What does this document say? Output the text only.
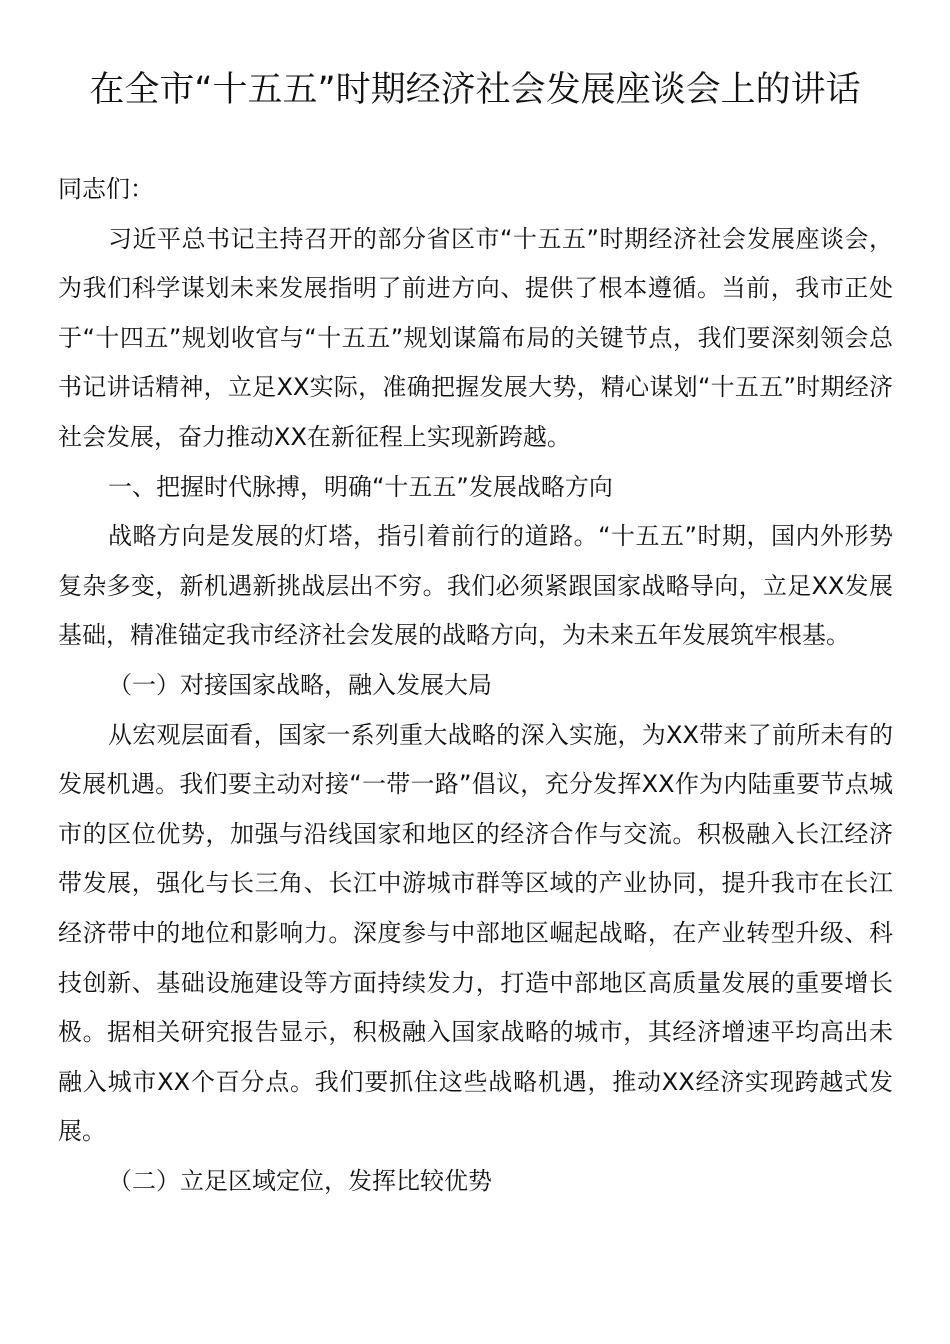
在全市“十五五”时期经济社会发展座谈会上的讲话

同志们：

习近平总书记主持召开的部分省区市“十五五”时期经济社会发展座谈会，为我们科学谋划未来发展指明了前进方向、提供了根本遵循。当前，我市正处于“十四五”规划收官与“十五五”规划谋篇布局的关键节点，我们要深刻领会总书记讲话精神，立足XX实际，准确把握发展大势，精心谋划“十五五”时期经济社会发展，奋力推动XX在新征程上实现新跨越。

一、把握时代脉搏，明确“十五五”发展战略方向

战略方向是发展的灯塔，指引着前行的道路。“十五五”时期，国内外形势复杂多变，新机遇新挑战层出不穷。我们必须紧跟国家战略导向，立足XX发展基础，精准锚定我市经济社会发展的战略方向，为未来五年发展筑牢根基。

（一）对接国家战略，融入发展大局

从宏观层面看，国家一系列重大战略的深入实施，为XX带来了前所未有的发展机遇。我们要主动对接“一带一路”倡议，充分发挥XX作为内陆重要节点城市的区位优势，加强与沿线国家和地区的经济合作与交流。积极融入长江经济带发展，强化与长三角、长江中游城市群等区域的产业协同，提升我市在长江经济带中的地位和影响力。深度参与中部地区崛起战略，在产业转型升级、科技创新、基础设施建设等方面持续发力，打造中部地区高质量发展的重要增长极。据相关研究报告显示，积极融入国家战略的城市，其经济增速平均高出未融入城市XX个百分点。我们要抓住这些战略机遇，推动XX经济实现跨越式发展。

（二）立足区域定位，发挥比较优势
